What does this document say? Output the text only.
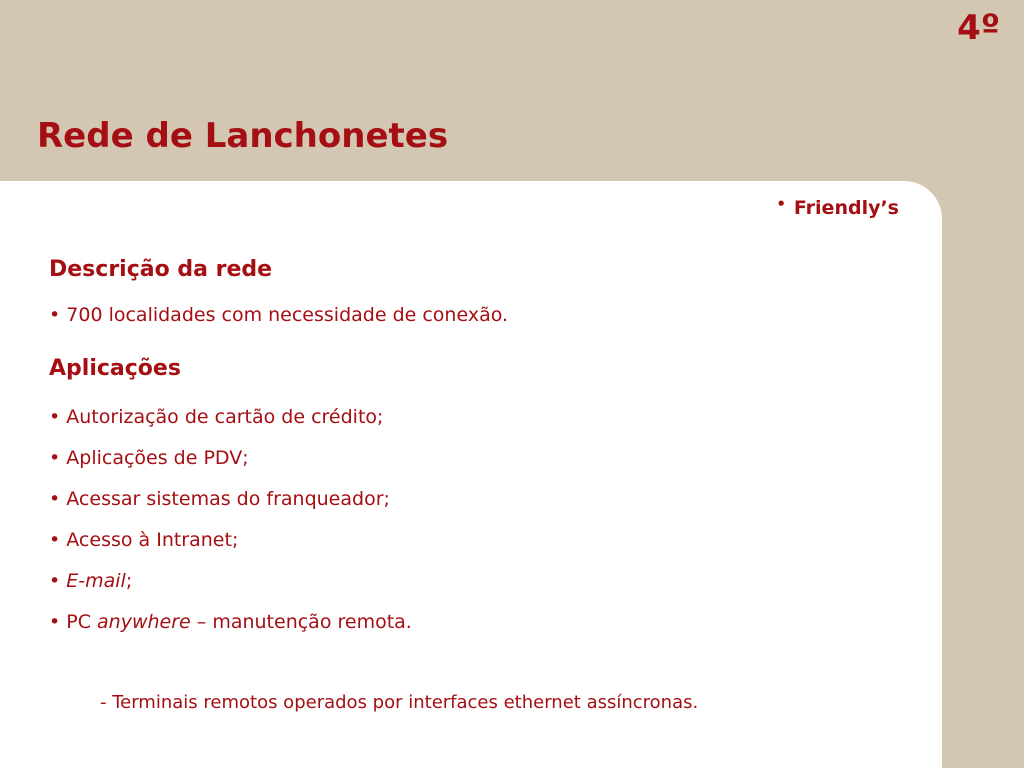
4º
Rede de Lanchonetes
• Friendly’s
Descrição da rede

• 700 localidades com necessidade de conexão.

Aplicações

• Autorização de cartão de crédito;

• Aplicações de PDV;

• Acessar sistemas do franqueador;

• Acesso à Intranet;

• E-mail;

• PC anywhere – manutenção remota.

- Terminais remotos operados por interfaces ethernet assíncronas.
